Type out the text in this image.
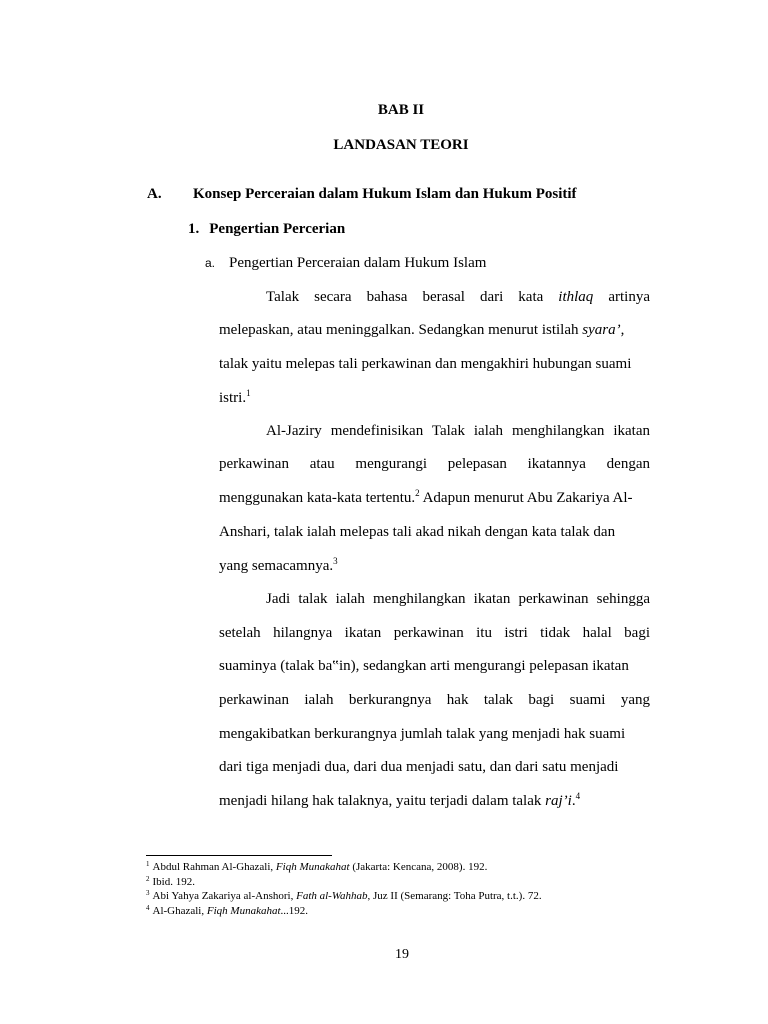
BAB II
LANDASAN TEORI
A. Konsep Perceraian dalam Hukum Islam dan Hukum Positif
1. Pengertian Percerian
a. Pengertian Perceraian dalam Hukum Islam
Talak secara bahasa berasal dari kata ithlaq artinya
melepaskan, atau meninggalkan. Sedangkan menurut istilah syara’,
talak yaitu melepas tali perkawinan dan mengakhiri hubungan suami
istri.$^1$
Al-Jaziry mendefinisikan Talak ialah menghilangkan ikatan
perkawinan atau mengurangi pelepasan ikatannya dengan
menggunakan kata-kata tertentu.$^2$ Adapun menurut Abu Zakariya Al-
Anshari, talak ialah melepas tali akad nikah dengan kata talak dan
yang semacamnya.$^3$
Jadi talak ialah menghilangkan ikatan perkawinan sehingga
setelah hilangnya ikatan perkawinan itu istri tidak halal bagi
suaminya (talak ba‟in), sedangkan arti mengurangi pelepasan ikatan
perkawinan ialah berkurangnya hak talak bagi suami yang
mengakibatkan berkurangnya jumlah talak yang menjadi hak suami
dari tiga menjadi dua, dari dua menjadi satu, dan dari satu menjadi
menjadi hilang hak talaknya, yaitu terjadi dalam talak raj’i.$^4$
$^1$ Abdul Rahman Al-Ghazali, Fiqh Munakahat (Jakarta: Kencana, 2008). 192.
$^2$ Ibid. 192.
$^3$ Abi Yahya Zakariya al-Anshori, Fath al-Wahhab, Juz II (Semarang: Toha Putra, t.t.). 72.
$^4$ Al-Ghazali, Fiqh Munakahat...192.
19
